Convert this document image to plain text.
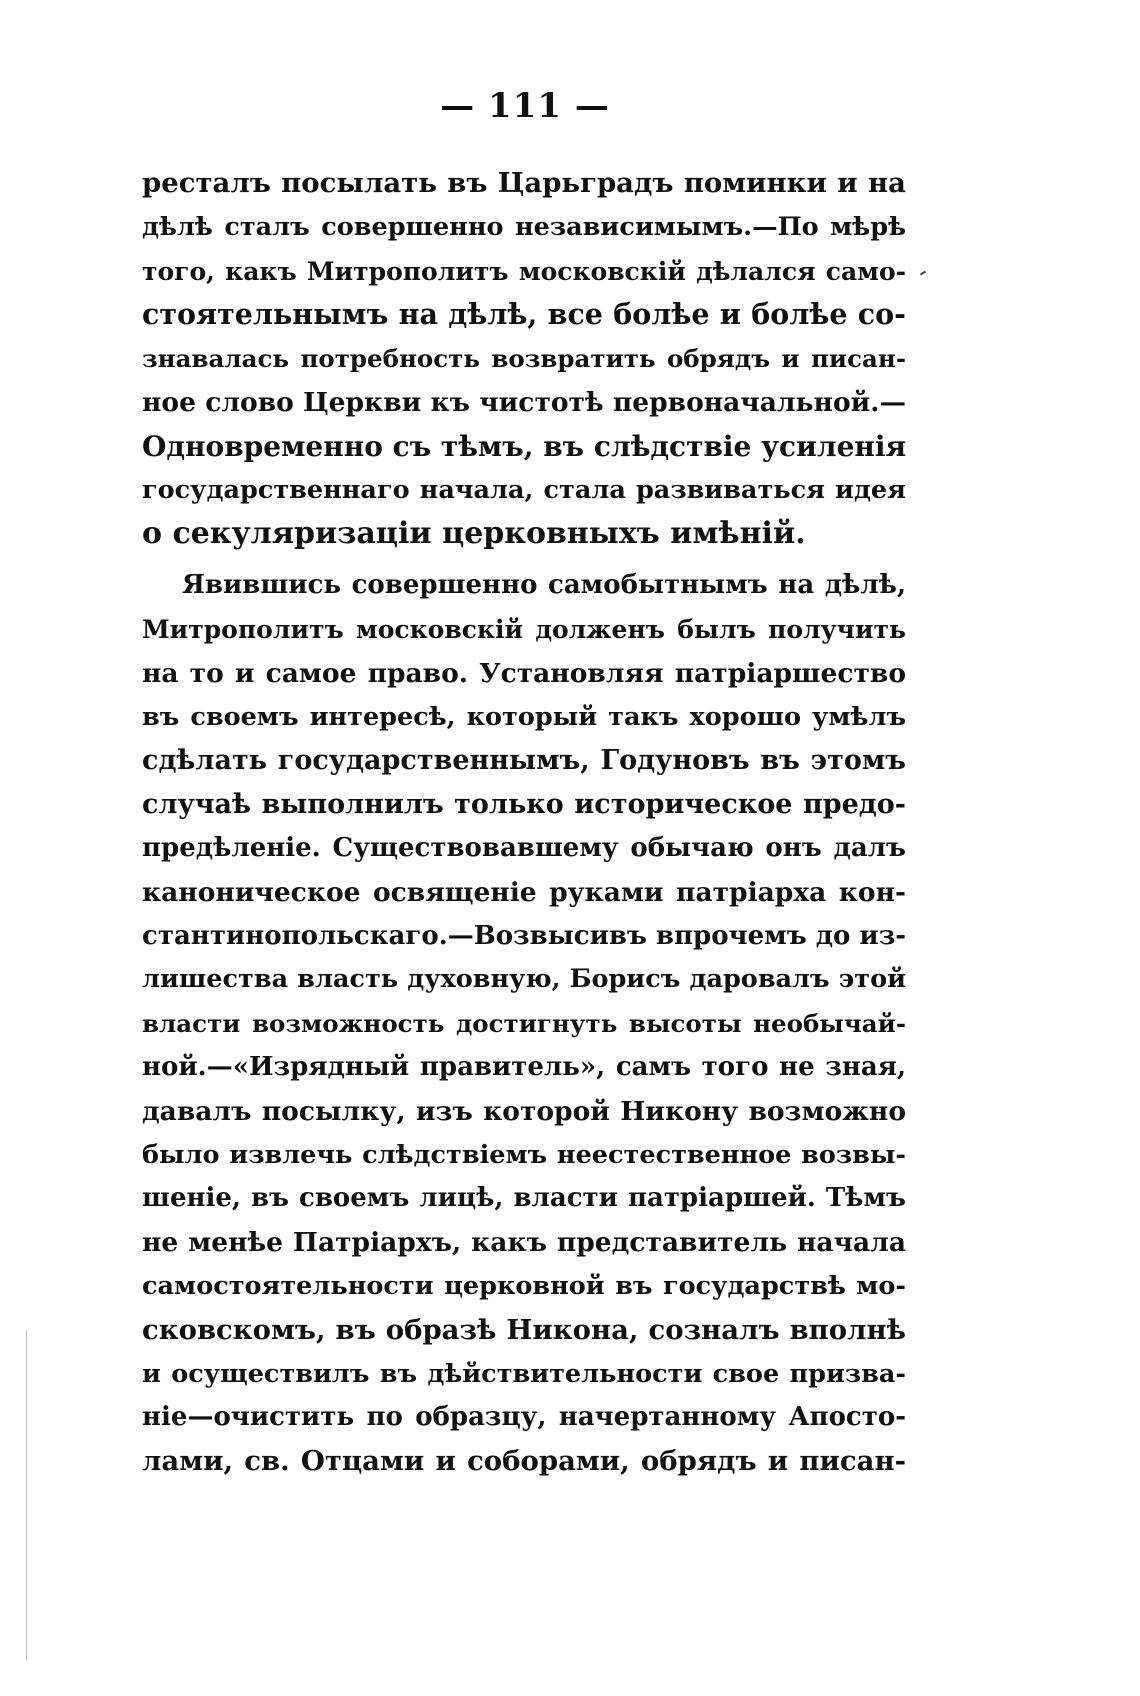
— 111 —
ресталъ посылать въ Царьградъ поминки и на
дѣлѣ сталъ совершенно независимымъ.—По мѣрѣ
того, какъ Митрополитъ московскій дѣлался само-
стоятельнымъ на дѣлѣ, все болѣе и болѣе со-
знавалась потребность возвратить обрядъ и писан-
ное слово Церкви къ чистотѣ первоначальной.—
Одновременно съ тѣмъ, въ слѣдствіе усиленія
государственнаго начала, стала развиваться идея
о секуляризаціи церковныхъ имѣній.
Явившись совершенно самобытнымъ на дѣлѣ,
Митрополитъ московскій долженъ былъ получить
на то и самое право. Установляя патріаршество
въ своемъ интересѣ, который такъ хорошо умѣлъ
сдѣлать государственнымъ, Годуновъ въ этомъ
случаѣ выполнилъ только историческое предо-
предѣленіе. Существовавшему обычаю онъ далъ
каноническое освященіе руками патріарха кон-
стантинопольскаго.—Возвысивъ впрочемъ до из-
лишества власть духовную, Борисъ даровалъ этой
власти возможность достигнуть высоты необычай-
ной.—«Изрядный правитель», самъ того не зная,
давалъ посылку, изъ которой Никону возможно
было извлечь слѣдствіемъ неестественное возвы-
шеніе, въ своемъ лицѣ, власти патріаршей. Тѣмъ
не менѣе Патріархъ, какъ представитель начала
самостоятельности церковной въ государствѣ мо-
сковскомъ, въ образѣ Никона, созналъ вполнѣ
и осуществилъ въ дѣйствительности свое призва-
ніе—очистить по образцу, начертанному Апосто-
лами, св. Отцами и соборами, обрядъ и писан-
